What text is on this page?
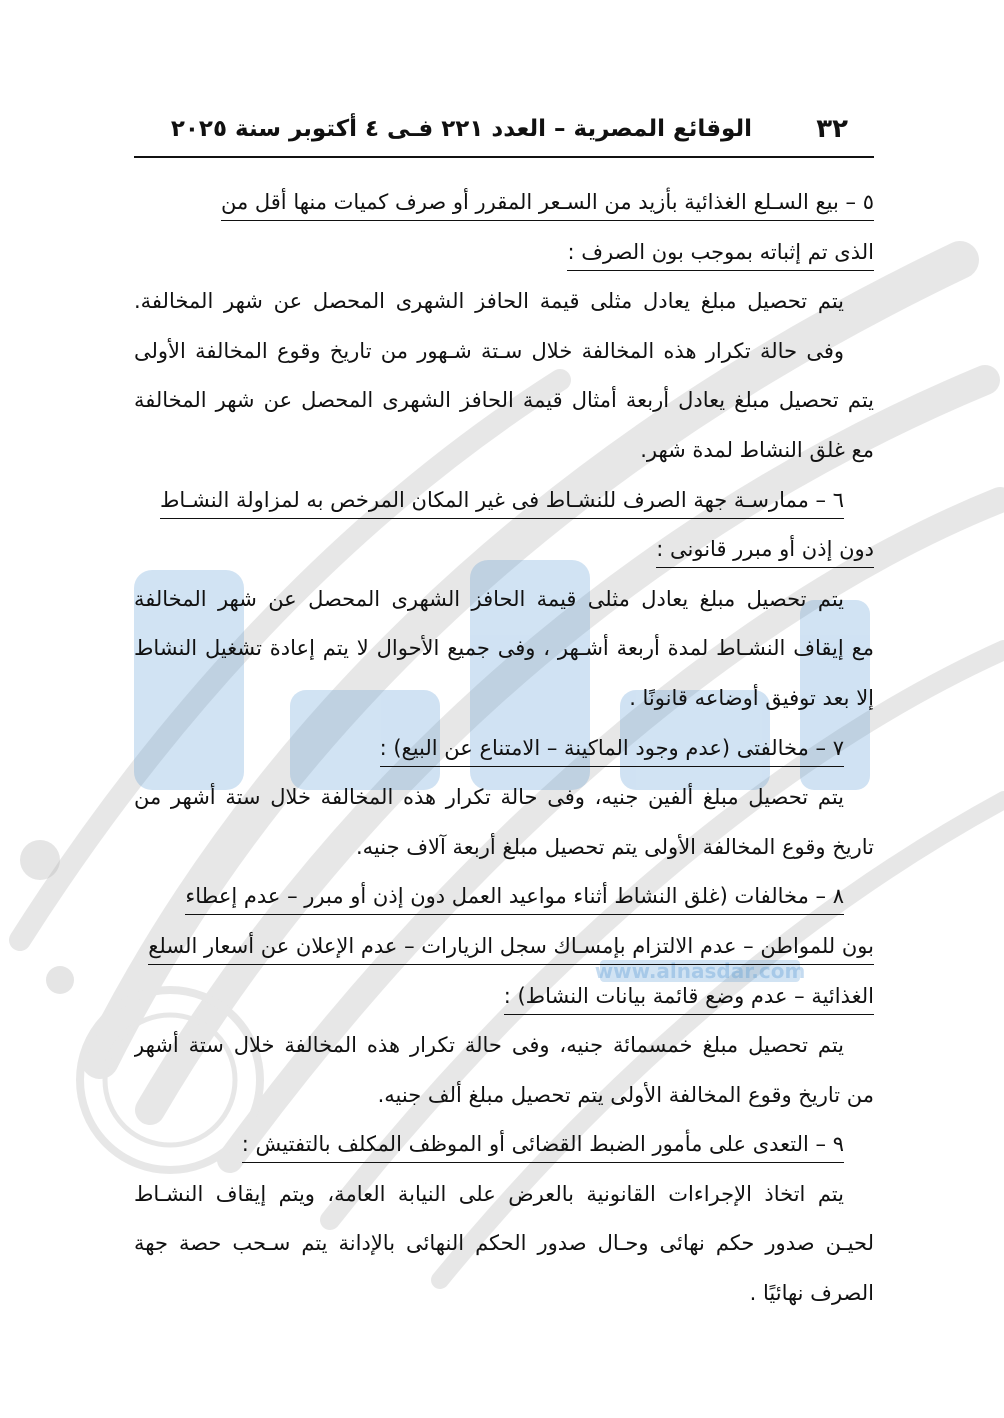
www.alnasdar.com
٣٢
الوقائع المصرية – العدد ٢٢١ فـى ٤ أكتوبر سنة ٢٠٢٥
٥ – بيع السـلع الغذائية بأزيد من السـعر المقرر أو صرف كميات منها أقل من
الذى تم إثباته بموجب بون الصرف :
يتم تحصيل مبلغ يعادل مثلى قيمة الحافز الشهرى المحصل عن شهر المخالفة.
وفى حالة تكرار هذه المخالفة خلال سـتة شـهور من تاريخ وقوع المخالفة الأولى
يتم تحصيل مبلغ يعادل أربعة أمثال قيمة الحافز الشهرى المحصل عن شهر المخالفة
مع غلق النشاط لمدة شهر.
٦ – ممارسـة جهة الصرف للنشـاط فى غير المكان المرخص به لمزاولة النشـاط
دون إذن أو مبرر قانونى :
يتم تحصيل مبلغ يعادل مثلى قيمة الحافز الشهرى المحصل عن شهر المخالفة
مع إيقاف النشـاط لمدة أربعة أشـهر ، وفى جميع الأحوال لا يتم إعادة تشغيل النشاط
إلا بعد توفيق أوضاعه قانونًا .
٧ – مخالفتى (عدم وجود الماكينة – الامتناع عن البيع) :
يتم تحصيل مبلغ ألفين جنيه، وفى حالة تكرار هذه المخالفة خلال ستة أشهر من
تاريخ وقوع المخالفة الأولى يتم تحصيل مبلغ أربعة آلاف جنيه.
٨ – مخالفات (غلق النشاط أثناء مواعيد العمل دون إذن أو مبرر – عدم إعطاء
بون للمواطن – عدم الالتزام بإمسـاك سجل الزيارات – عدم الإعلان عن أسعار السلع
الغذائية – عدم وضع قائمة بيانات النشاط) :
يتم تحصيل مبلغ خمسمائة جنيه، وفى حالة تكرار هذه المخالفة خلال ستة أشهر
من تاريخ وقوع المخالفة الأولى يتم تحصيل مبلغ ألف جنيه.
٩ – التعدى على مأمور الضبط القضائى أو الموظف المكلف بالتفتيش :
يتم اتخاذ الإجراءات القانونية بالعرض على النيابة العامة، ويتم إيقاف النشـاط
لحيـن صدور حكم نهائى وحـال صدور الحكم النهائى بالإدانة يتم سـحب حصة جهة
الصرف نهائيًا .
